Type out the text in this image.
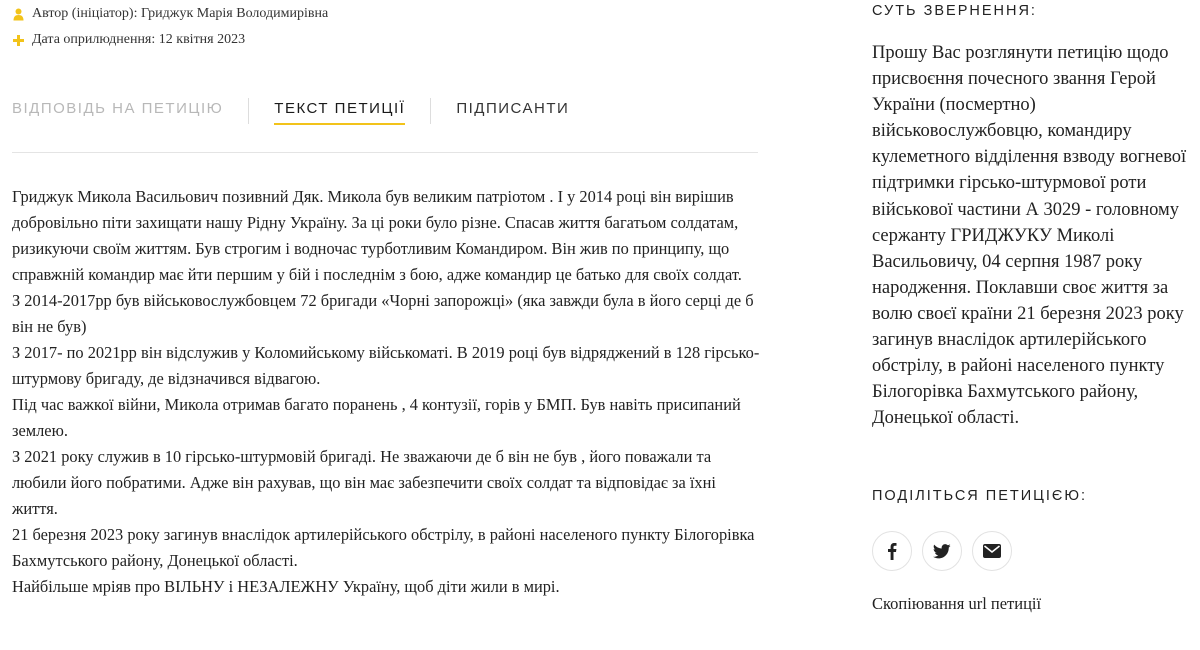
Автор (ініціатор): Гриджук Марія Володимирівна
Дата оприлюднення: 12 квітня 2023
ВІДПОВІДЬ НА ПЕТИЦІЮ	ТЕКСТ ПЕТИЦІЇ	ПІДПИСАНТИ

Гриджук Микола Васильович позивний Дяк. Микола був великим патріотом . І у 2014 році він вирішив добровільно піти захищати нашу Рідну Україну. За ці роки було різне. Спасав життя багатьом солдатам, ризикуючи своїм життям. Був строгим і водночас турботливим Командиром. Він жив по принципу, що справжній командир має йти першим у бій і последнім з бою, адже командир це батько для своїх солдат.

З 2014-2017рр був військовослужбовцем 72 бригади «Чорні запорожці» (яка завжди була в його серці де б він не був)

З 2017- по 2021рр він відслужив у Коломийському військоматі. В 2019 році був відряджений в 128 гірсько-штурмову бригаду, де відзначився відвагою.

Під час важкої війни, Микола отримав багато поранень , 4 контузії, горів у БМП. Був навіть присипаний землею.

З 2021 року служив в 10 гірсько-штурмовій бригаді. Не зважаючи де б він не був , його поважали та любили його побратими. Адже він рахував, що він має забезпечити своїх солдат та відповідає за їхні життя.

21 березня 2023 року загинув внаслідок артилерійського обстрілу, в районі населеного пункту Білогорівка Бахмутського району, Донецької області.

Найбільше мріяв про ВІЛЬНУ і НЕЗАЛЕЖНУ Україну, щоб діти жили в мирі.

СУТЬ ЗВЕРНЕННЯ:
Прошу Вас розглянути петицію щодо присвоєння почесного звання Герой України (посмертно) військовослужбовцю, командиру кулеметного відділення взводу вогневої підтримки гірсько-штурмової роти військової частини А 3029 - головному сержанту ГРИДЖУКУ Миколі Васильовичу, 04 серпня 1987 року народження. Поклавши своє життя за волю своєї країни 21 березня 2023 року загинув внаслідок артилерійського обстрілу, в районі населеного пункту Білогорівка Бахмутського району, Донецької області.
ПОДІЛІТЬСЯ ПЕТИЦІЄЮ:
Скопіювання url петиції
